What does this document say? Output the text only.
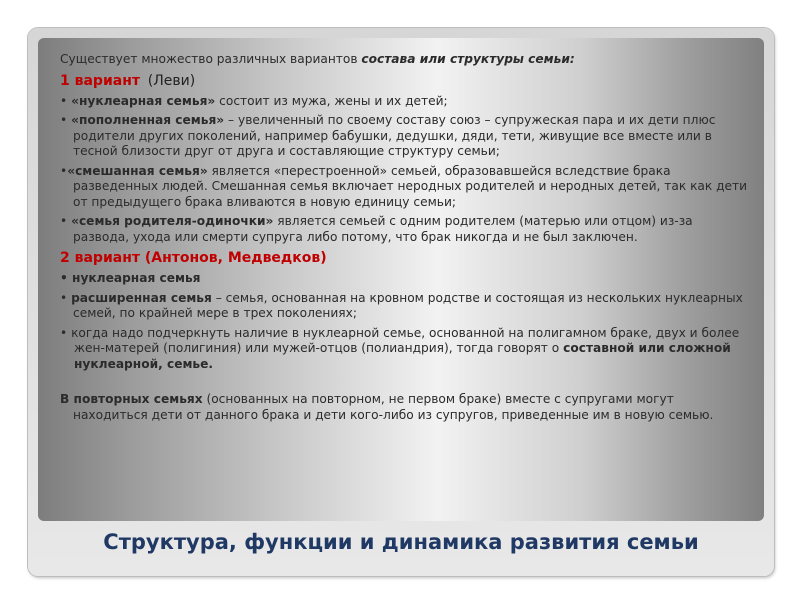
Существует множество различных вариантов состава или структуры семьи:

1 вариант (Леви)

• «нуклеарная семья» состоит из мужа, жены и их детей;

• «пополненная семья» – увеличенный по своему составу союз – супружеская пара и их дети плюс родители других поколений, например бабушки, дедушки, дяди, тети, живущие все вместе или в тесной близости друг от друга и составляющие структуру семьи;

•«смешанная семья» является «перестроенной» семьей, образовавшейся вследствие брака разведенных людей. Смешанная семья включает неродных родителей и неродных детей, так как дети от предыдущего брака вливаются в новую единицу семьи;

• «семья родителя-одиночки» является семьей с одним родителем (матерью или отцом) из-за развода, ухода или смерти супруга либо потому, что брак никогда и не был заключен.

2 вариант (Антонов, Медведков)

• нуклеарная семья

• расширенная семья – семья, основанная на кровном родстве и состоящая из нескольких нуклеарных семей, по крайней мере в трех поколениях;

• когда надо подчеркнуть наличие в нуклеарной семье, основанной на полигамном браке, двух и более жен-матерей (полигиния) или мужей-отцов (полиандрия), тогда говорят о составной или сложной нуклеарной, семье.

В повторных семьях (основанных на повторном, не первом браке) вместе с супругами могут находиться дети от данного брака и дети кого-либо из супругов, приведенные им в новую семью.

Структура, функции и динамика развития семьи
